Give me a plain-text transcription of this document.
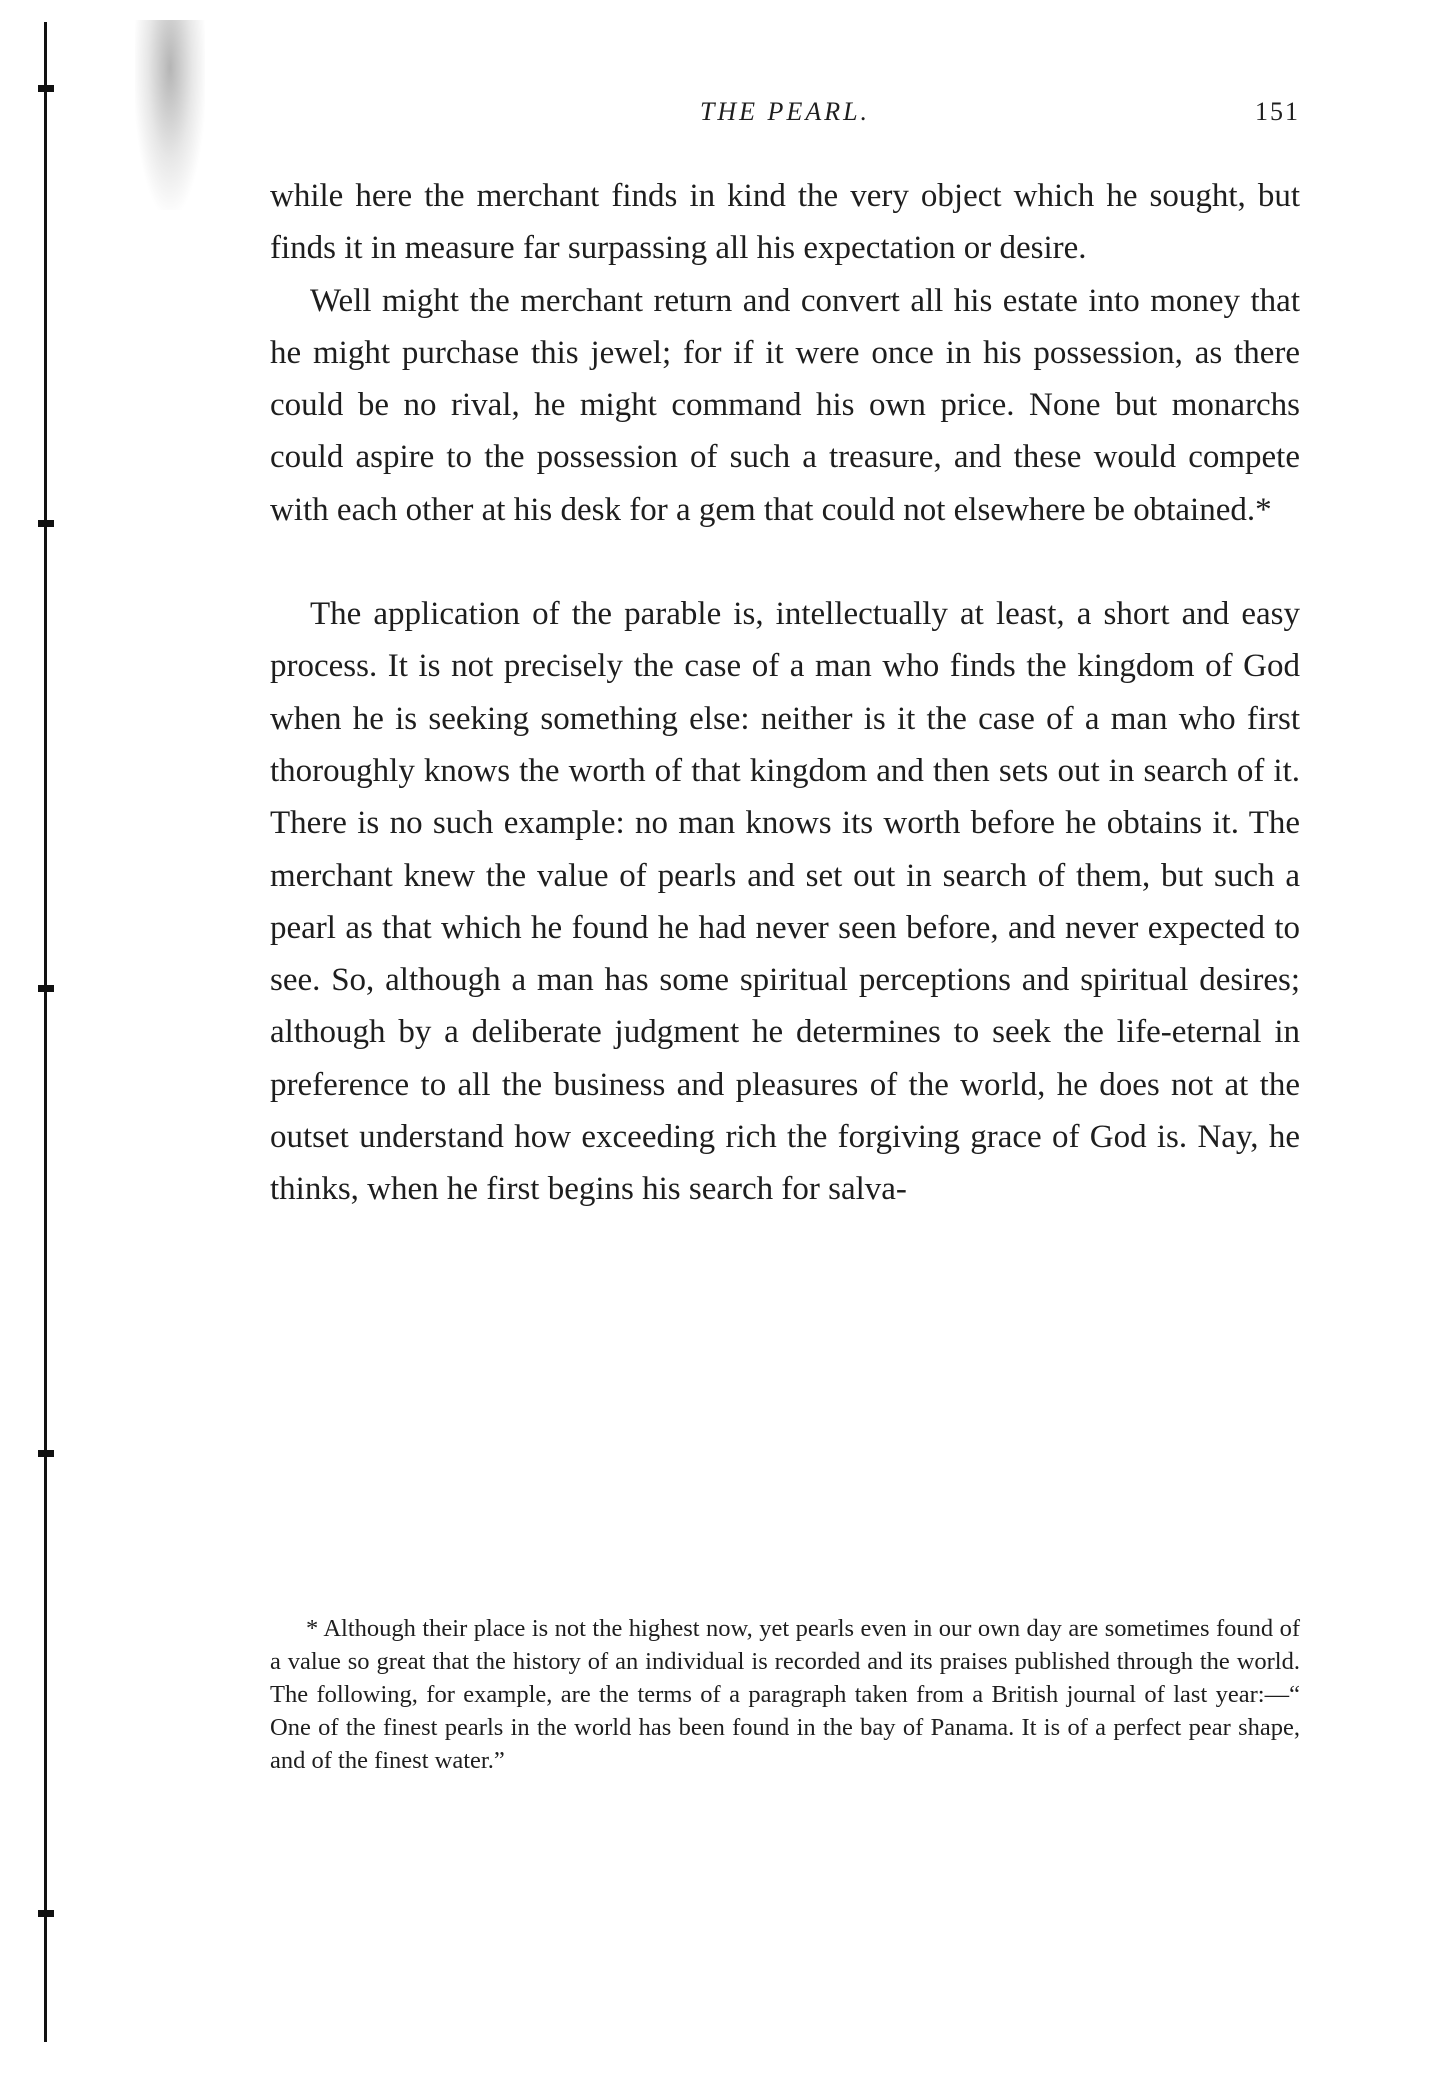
THE PEARL.	151

while here the merchant finds in kind the very object which he sought, but finds it in measure far surpassing all his expectation or desire.

Well might the merchant return and convert all his estate into money that he might purchase this jewel; for if it were once in his possession, as there could be no rival, he might command his own price. None but monarchs could aspire to the possession of such a treasure, and these would compete with each other at his desk for a gem that could not elsewhere be obtained.*

The application of the parable is, intellectually at least, a short and easy process. It is not precisely the case of a man who finds the kingdom of God when he is seeking something else: neither is it the case of a man who first thoroughly knows the worth of that kingdom and then sets out in search of it. There is no such example: no man knows its worth before he obtains it. The merchant knew the value of pearls and set out in search of them, but such a pearl as that which he found he had never seen before, and never expected to see. So, although a man has some spiritual perceptions and spiritual desires; although by a deliberate judgment he determines to seek the life-eternal in preference to all the business and pleasures of the world, he does not at the outset understand how exceeding rich the forgiving grace of God is. Nay, he thinks, when he first begins his search for salva-

* Although their place is not the highest now, yet pearls even in our own day are sometimes found of a value so great that the history of an individual is recorded and its praises published through the world. The following, for example, are the terms of a paragraph taken from a British journal of last year:—“ One of the finest pearls in the world has been found in the bay of Panama. It is of a perfect pear shape, and of the finest water.”
